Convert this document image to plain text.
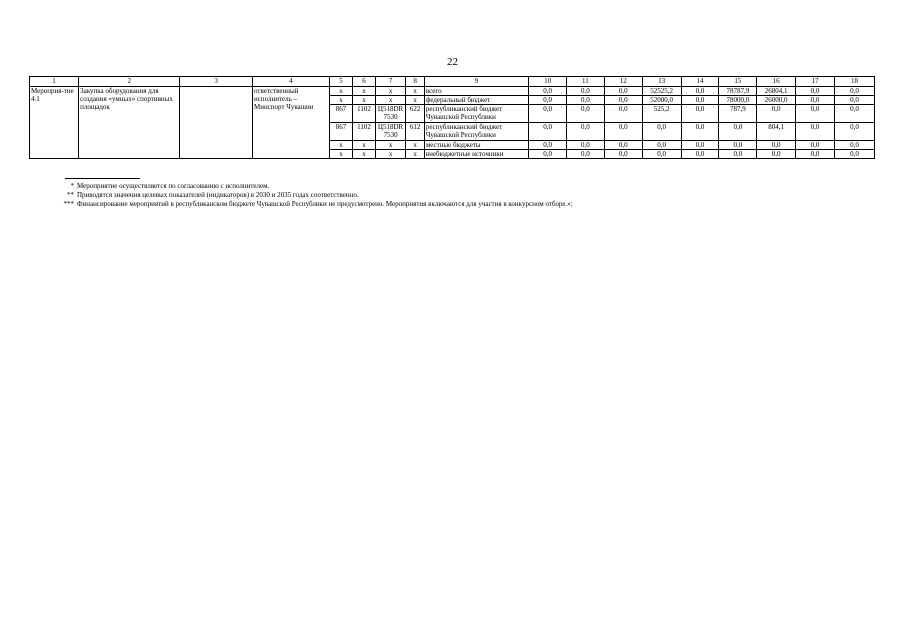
22
1	2	3	4	5	6	7	8	9	10	11	12	13	14	15	16	17	18
Мероприя-тие 4.1	Закупка оборудования для создания «умных» спортивных площадок		ответственный исполнитель – Минспорт Чувашии	x	x	x	x	всего	0,0	0,0	0,0	52525,2	0,0	78787,9	26804,1	0,0	0,0
				x	x	x	x	федеральный бюджет	0,0	0,0	0,0	52000,0	0,0	78000,0	26000,0	0,0	0,0
				867	1102	Ц518DR7530	622	республиканский бюджет Чувашской Республики	0,0	0,0	0,0	525,2	0,0	787,9	0,0	0,0	0,0
				867	1102	Ц518DR7530	612	республиканский бюджет Чувашской Республики	0,0	0,0	0,0	0,0	0,0	0,0	804,1	0,0	0,0
				x	x	x	x	местные бюджеты	0,0	0,0	0,0	0,0	0,0	0,0	0,0	0,0	0,0
				x	x	x	x	внебюджетные источники	0,0	0,0	0,0	0,0	0,0	0,0	0,0	0,0	0,0
* Мероприятие осуществляется по согласованию с исполнителем.
** Приводятся значения целевых показателей (индикаторов) в 2030 и 2035 годах соответственно.
*** Финансирование мероприятий в республиканском бюджете Чувашской Республики не предусмотрено. Мероприятия включаются для участия в конкурсном отборе.»;
